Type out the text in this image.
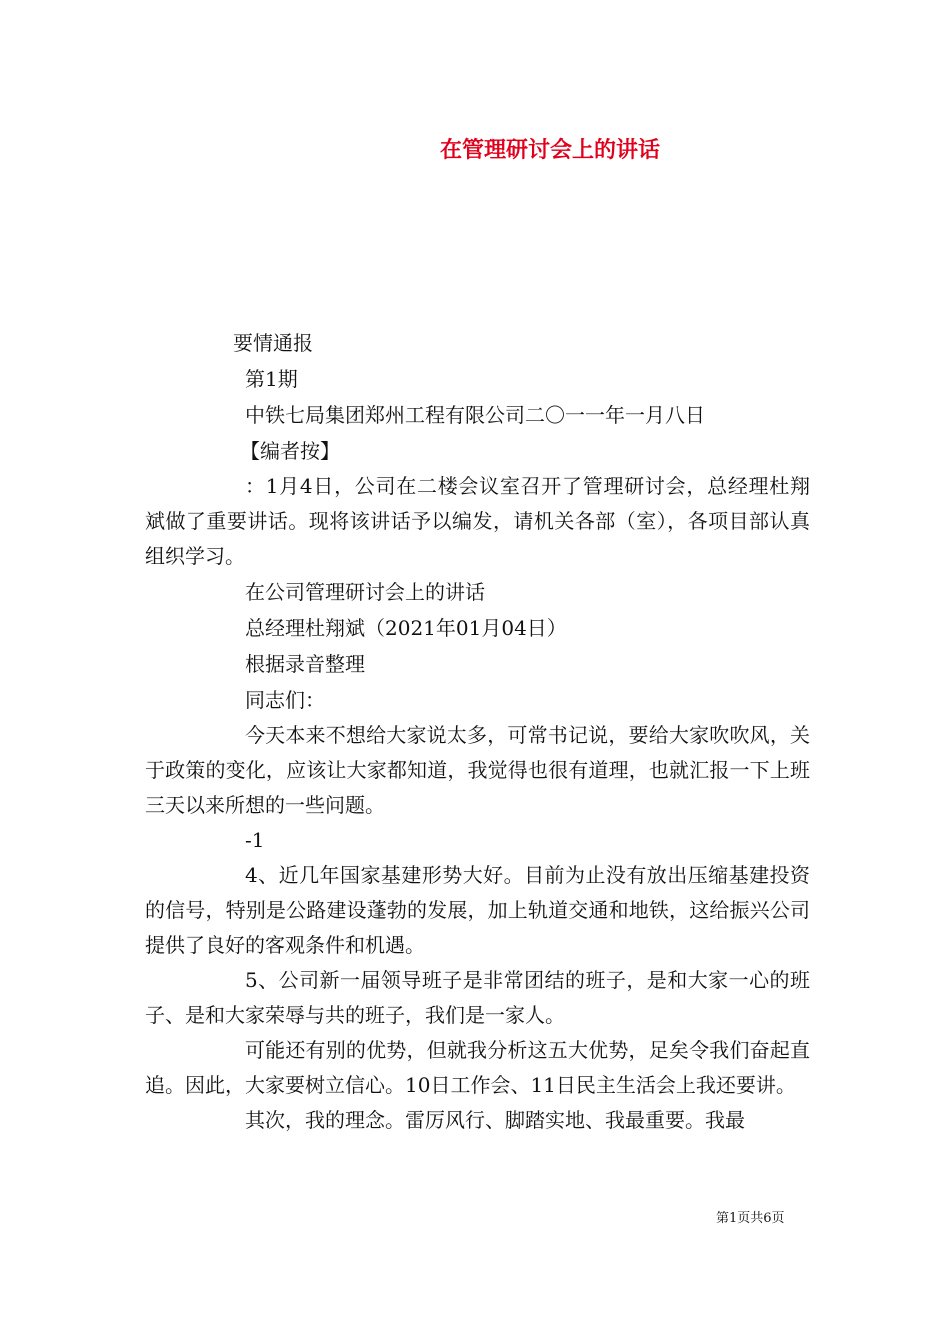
在管理研讨会上的讲话

要情通报

第1期

中铁七局集团郑州工程有限公司二〇一一年一月八日

【编者按】

：1月4日，公司在二楼会议室召开了管理研讨会，总经理杜翔斌做了重要讲话。现将该讲话予以编发，请机关各部（室），各项目部认真组织学习。

在公司管理研讨会上的讲话

总经理杜翔斌（2021年01月04日）

根据录音整理

同志们：

今天本来不想给大家说太多，可常书记说，要给大家吹吹风，关于政策的变化，应该让大家都知道，我觉得也很有道理，也就汇报一下上班三天以来所想的一些问题。

-1

4、近几年国家基建形势大好。目前为止没有放出压缩基建投资的信号，特别是公路建设蓬勃的发展，加上轨道交通和地铁，这给振兴公司提供了良好的客观条件和机遇。

5、公司新一届领导班子是非常团结的班子，是和大家一心的班子、是和大家荣辱与共的班子，我们是一家人。

可能还有别的优势，但就我分析这五大优势，足矣令我们奋起直追。因此，大家要树立信心。10日工作会、11日民主生活会上我还要讲。

其次，我的理念。雷厉风行、脚踏实地、我最重要。我最

第1页共6页
